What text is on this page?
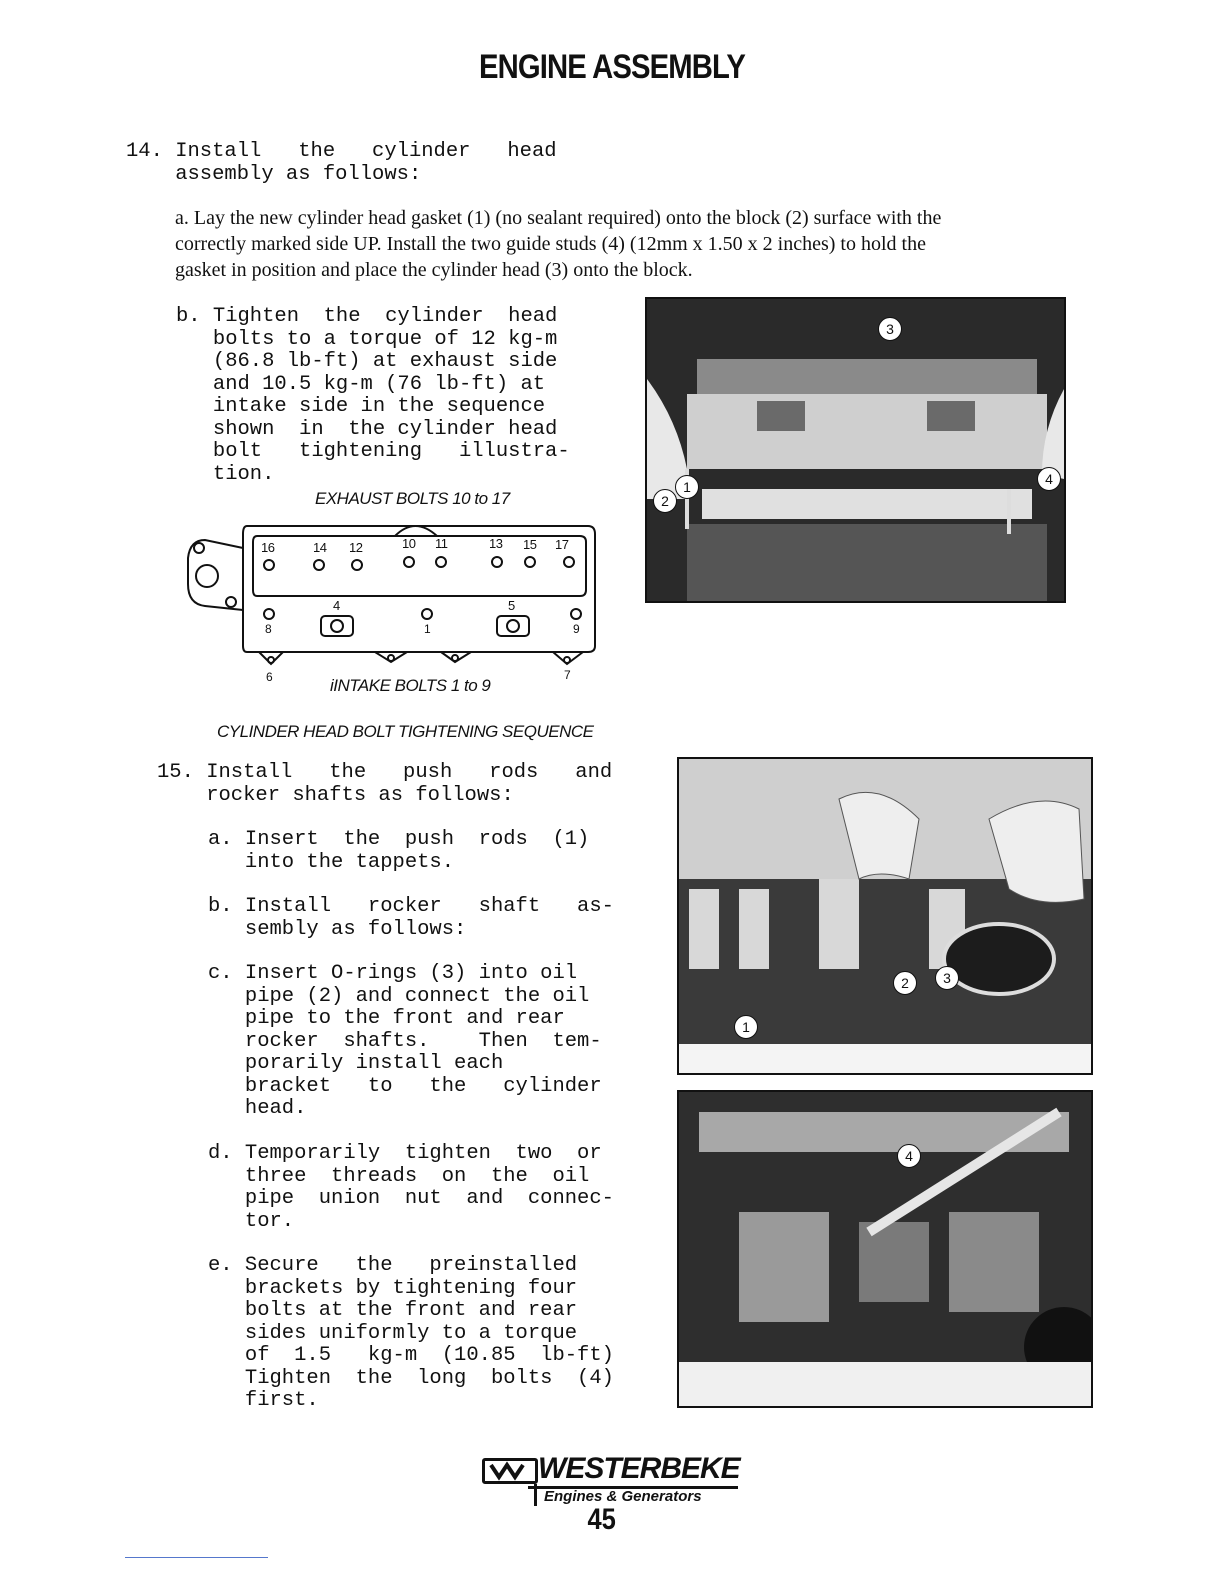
ENGINE ASSEMBLY
14. Install   the   cylinder   head
assembly as follows:
a. Lay the new cylinder head gasket (1) (no sealant required) onto the block (2) surface with the correctly marked side UP. Install the two guide studs (4) (12mm x 1.50 x 2 inches) to hold the gasket in position and place the cylinder head (3) onto the block.
b. Tighten  the  cylinder  head
bolts to a torque of 12 kg-m
(86.8 lb-ft) at exhaust side
and 10.5 kg-m (76 lb-ft) at
intake side in the sequence
shown  in  the cylinder head
bolt   tightening   illustra-
tion.
EXHAUST BOLTS 10 to 17
16	14 12	10 11	13 15 17
8
4
1
5
9
6	7
iINTAKE BOLTS 1 to 9
CYLINDER HEAD BOLT TIGHTENING SEQUENCE
3
1
2
4
15. Install   the   push   rods   and
rocker shafts as follows:
a. Insert  the  push  rods  (1)
into the tappets.
b. Install   rocker   shaft   as-
sembly as follows:
c. Insert O-rings (3) into oil
pipe (2) and connect the oil
pipe to the front and rear
rocker  shafts.    Then  tem-
porarily install each
bracket   to   the   cylinder
head.
d. Temporarily  tighten  two  or
three  threads  on  the  oil
pipe  union  nut  and  connec-
tor.
e. Secure   the   preinstalled
brackets by tightening four
bolts at the front and rear
sides uniformly to a torque
of  1.5   kg-m  (10.85  lb-ft)
Tighten  the  long  bolts  (4)
first.
2	3
1
4
WESTERBEKE
Engines & Generators
45
